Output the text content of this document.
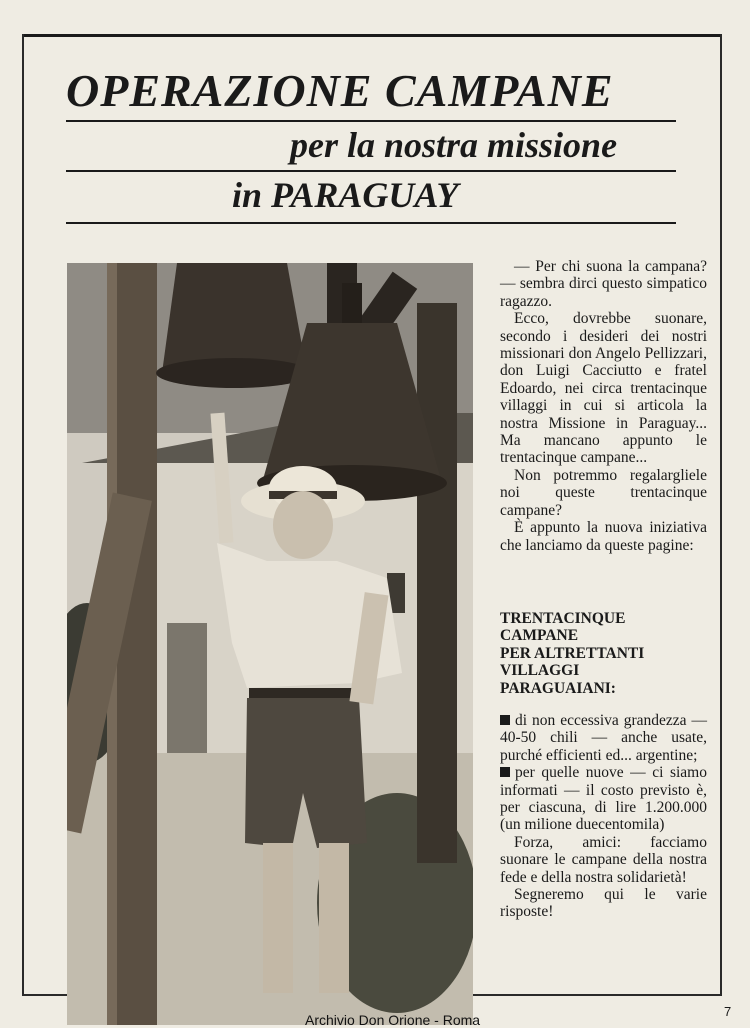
OPERAZIONE CAMPANE
per la nostra missione
in PARAGUAY

— Per chi suona la campana? — sembra dirci questo simpatico ragazzo.

Ecco, dovrebbe suonare, secondo i desideri dei nostri missionari don Angelo Pellizzari, don Luigi Cacciutto e fratel Edoardo, nei circa trentacinque villaggi in cui si articola la nostra Missione in Paraguay... Ma mancano appunto le trentacinque campane...

Non potremmo regalargliele noi queste trentacinque campane?

È appunto la nuova iniziativa che lanciamo da queste pagine:

TRENTACINQUE
CAMPANE
PER ALTRETTANTI
VILLAGGI
PARAGUAIANI:

di non eccessiva grandezza — 40-50 chili — anche usate, purché efficienti ed... argentine;

per quelle nuove — ci siamo informati — il costo previsto è, per ciascuna, di lire 1.200.000 (un milione duecentomila)

Forza, amici: facciamo suonare le campane della nostra fede e della nostra solidarietà!

Segneremo qui le varie risposte!

7
Archivio Don Orione - Roma
